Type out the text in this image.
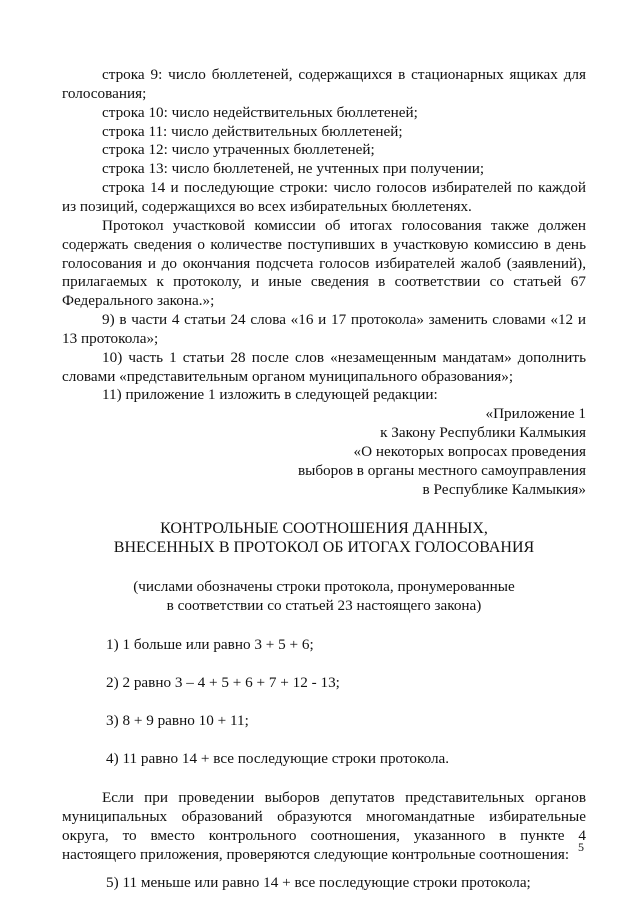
строка 9: число бюллетеней, содержащихся в стационарных ящиках для
голосования;
строка 10: число недействительных бюллетеней;
строка 11: число действительных бюллетеней;
строка 12: число утраченных бюллетеней;
строка 13: число бюллетеней, не учтенных при получении;
строка 14 и последующие строки: число голосов избирателей по каждой
из позиций, содержащихся во всех избирательных бюллетенях.
Протокол участковой комиссии об итогах голосования также должен
содержать сведения о количестве поступивших в участковую комиссию в день
голосования и до окончания подсчета голосов избирателей жалоб (заявлений),
прилагаемых к протоколу, и иные сведения в соответствии со статьей 67
Федерального закона.»;
9) в части 4 статьи 24 слова «16 и 17 протокола» заменить словами «12 и
13 протокола»;
10) часть 1 статьи 28 после слов «незамещенным мандатам» дополнить
словами «представительным органом муниципального образования»;
11) приложение 1 изложить в следующей редакции:
«Приложение 1
к Закону Республики Калмыкия
«О некоторых вопросах проведения
выборов в органы местного самоуправления
в Республике Калмыкия»
КОНТРОЛЬНЫЕ СООТНОШЕНИЯ ДАННЫХ,
ВНЕСЕННЫХ В ПРОТОКОЛ ОБ ИТОГАХ ГОЛОСОВАНИЯ
(числами обозначены строки протокола, пронумерованные
в соответствии со статьей 23 настоящего закона)
1) 1 больше или равно 3 + 5 + 6;
2) 2 равно 3 – 4 + 5 + 6 + 7 + 12 - 13;
3) 8 + 9 равно 10 + 11;
4) 11 равно 14 + все последующие строки протокола.
Если при проведении выборов депутатов представительных органов
муниципальных образований образуются многомандатные избирательные
округа, то вместо контрольного соотношения, указанного в пункте 4
настоящего приложения, проверяются следующие контрольные соотношения:
5) 11 меньше или равно 14 + все последующие строки протокола;
5
